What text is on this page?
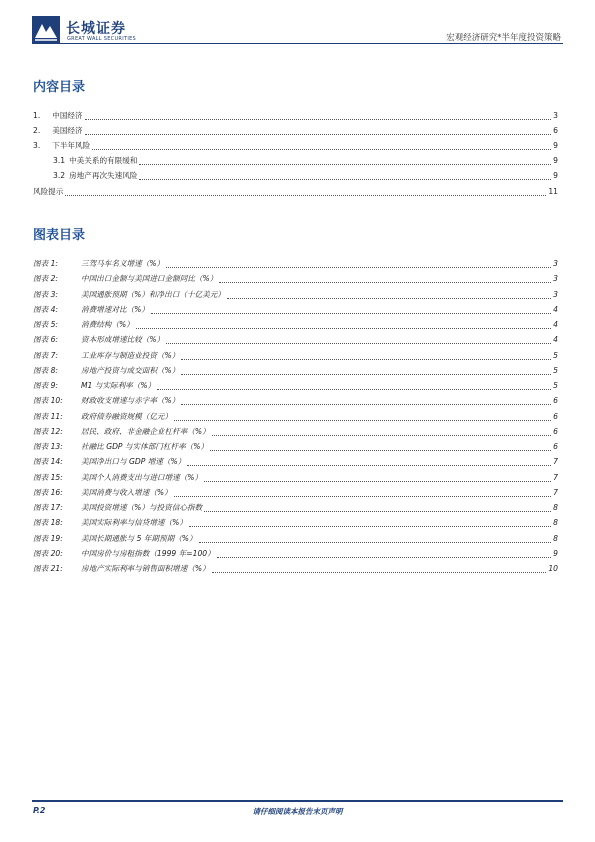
长城证券
GREAT WALL SECURITIES	宏观经济研究*半年度投资策略
内容目录
1. 中国经济	3
2. 美国经济	6
3. 下半年风险	9
3.1 中美关系的有限缓和	9
3.2 房地产再次失速风险	9
风险提示	11
图表目录
图表 1:	三驾马车名义增速（%）	3
图表 2:	中国出口金额与美国进口金额同比（%）	3
图表 3:	美国通胀预期（%）和净出口（十亿美元）	3
图表 4:	消费增速对比（%）	4
图表 5:	消费结构（%）	4
图表 6:	资本形成增速比较（%）	4
图表 7:	工业库存与制造业投资（%）	5
图表 8:	房地产投资与成交面积（%）	5
图表 9:	M1 与实际利率（%）	5
图表 10:	财政收支增速与赤字率（%）	6
图表 11:	政府债券融资规模（亿元）	6
图表 12:	居民、政府、非金融企业杠杆率（%）	6
图表 13:	社融比 GDP 与实体部门杠杆率（%）	6
图表 14:	美国净出口与 GDP 增速（%）	7
图表 15:	美国个人消费支出与进口增速（%）	7
图表 16:	美国消费与收入增速（%）	7
图表 17:	美国投资增速（%）与投资信心指数	8
图表 18:	美国实际利率与信贷增速（%）	8
图表 19:	美国长期通胀与 5 年期预期（%）	8
图表 20:	中国房价与房租指数（1999 年=100）	9
图表 21:	房地产实际利率与销售面积增速（%）	10
P.2	请仔细阅读本报告末页声明
